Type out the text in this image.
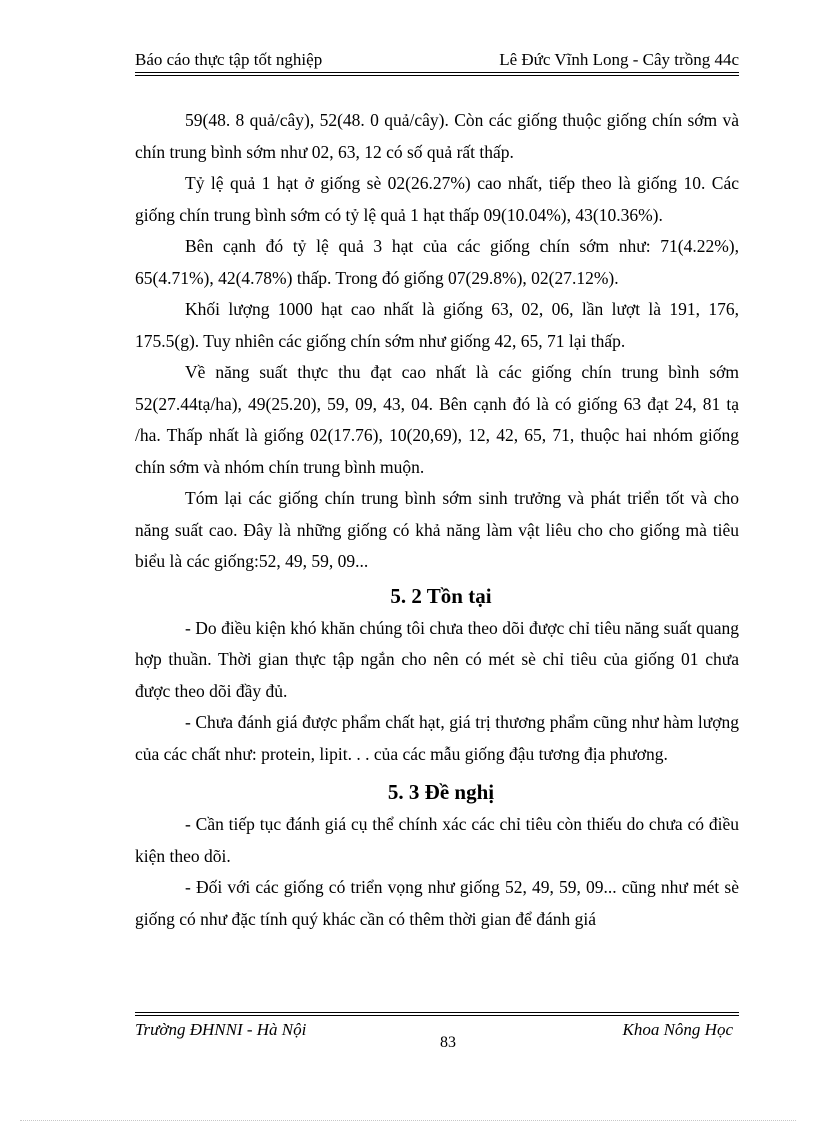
Báo cáo thực tập tốt nghiệp	Lê Đức Vĩnh Long - Cây trồng 44c

59(48. 8 quả/cây), 52(48. 0 quả/cây). Còn các giống thuộc giống chín sớm và chín trung bình sớm như 02, 63, 12 có số quả rất thấp.

Tỷ lệ quả 1 hạt ở giống sè 02(26.27%) cao nhất, tiếp theo là giống 10. Các giống chín trung bình sớm có tỷ lệ quả 1 hạt thấp 09(10.04%), 43(10.36%).

Bên cạnh đó tỷ lệ quả 3 hạt của các giống chín sớm như: 71(4.22%), 65(4.71%), 42(4.78%) thấp. Trong đó giống 07(29.8%), 02(27.12%).

Khối lượng 1000 hạt cao nhất là giống 63, 02, 06, lần lượt là 191, 176, 175.5(g). Tuy nhiên các giống chín sớm như giống 42, 65, 71 lại thấp.

Về năng suất thực thu đạt cao nhất là các giống chín trung bình sớm 52(27.44tạ/ha), 49(25.20), 59, 09, 43, 04. Bên cạnh đó là có giống 63 đạt 24, 81 tạ /ha. Thấp nhất là giống 02(17.76), 10(20,69), 12, 42, 65, 71, thuộc hai nhóm giống chín sớm và nhóm chín trung bình muộn.

Tóm lại các giống chín trung bình sớm sinh trưởng và phát triển tốt và cho năng suất cao. Đây là những giống có khả năng làm vật liêu cho cho giống mà tiêu biểu là các giống:52, 49, 59, 09...

5. 2 Tồn tại

- Do điều kiện khó khăn chúng tôi chưa theo dõi được chỉ tiêu năng suất quang hợp thuần. Thời gian thực tập ngắn cho nên có mét sè chỉ tiêu của giống 01 chưa được theo dõi đầy đủ.

- Chưa đánh giá được phẩm chất hạt, giá trị thương phẩm cũng như hàm lượng của các chất như: protein, lipit. . . của các mẫu giống đậu tương địa phương.

5. 3 Đề nghị

- Cần tiếp tục đánh giá cụ thể chính xác các chỉ tiêu còn thiếu do chưa có điều kiện theo dõi.

- Đối với các giống có triển vọng như giống 52, 49, 59, 09... cũng như mét sè giống có như đặc tính quý khác cần có thêm thời gian để đánh giá

Trường ĐHNNI - Hà Nội	Khoa Nông Học
83
